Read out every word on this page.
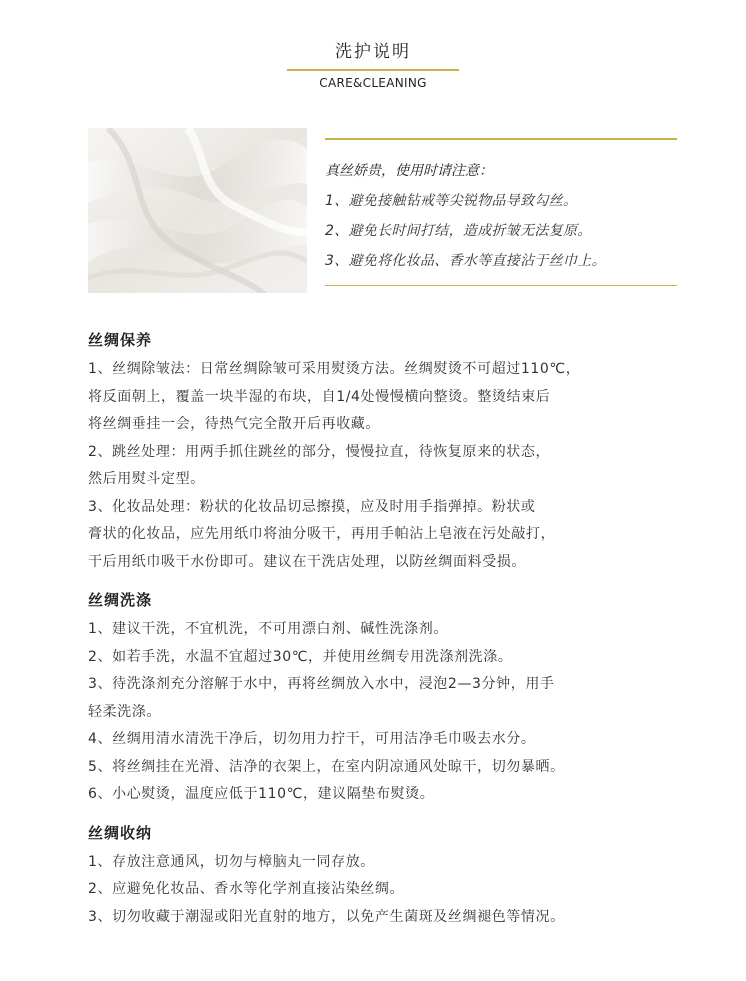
洗护说明
CARE&CLEANING
真丝娇贵，使用时请注意：
1、避免接触钻戒等尖锐物品导致勾丝。
2、避免长时间打结，造成折皱无法复原。
3、避免将化妆品、香水等直接沾于丝巾上。
丝绸保养

1、丝绸除皱法：日常丝绸除皱可采用熨烫方法。丝绸熨烫不可超过110℃，

将反面朝上，覆盖一块半湿的布块，自1/4处慢慢横向整烫。整烫结束后

将丝绸垂挂一会，待热气完全散开后再收藏。

2、跳丝处理：用两手抓住跳丝的部分，慢慢拉直，待恢复原来的状态，

然后用熨斗定型。

3、化妆品处理：粉状的化妆品切忌擦摸，应及时用手指弹掉。粉状或

膏状的化妆品，应先用纸巾将油分吸干，再用手帕沾上皂液在污处敲打，

干后用纸巾吸干水份即可。建议在干洗店处理，以防丝绸面料受损。

丝绸洗涤

1、建议干洗，不宜机洗，不可用漂白剂、碱性洗涤剂。

2、如若手洗，水温不宜超过30℃，并使用丝绸专用洗涤剂洗涤。

3、待洗涤剂充分溶解于水中，再将丝绸放入水中，浸泡2—3分钟，用手

轻柔洗涤。

4、丝绸用清水清洗干净后，切勿用力拧干，可用洁净毛巾吸去水分。

5、将丝绸挂在光滑、洁净的衣架上，在室内阴凉通风处晾干，切勿暴晒。

6、小心熨烫，温度应低于110℃，建议隔垫布熨烫。

丝绸收纳

1、存放注意通风，切勿与樟脑丸一同存放。

2、应避免化妆品、香水等化学剂直接沾染丝绸。

3、切勿收藏于潮湿或阳光直射的地方，以免产生菌斑及丝绸褪色等情况。
